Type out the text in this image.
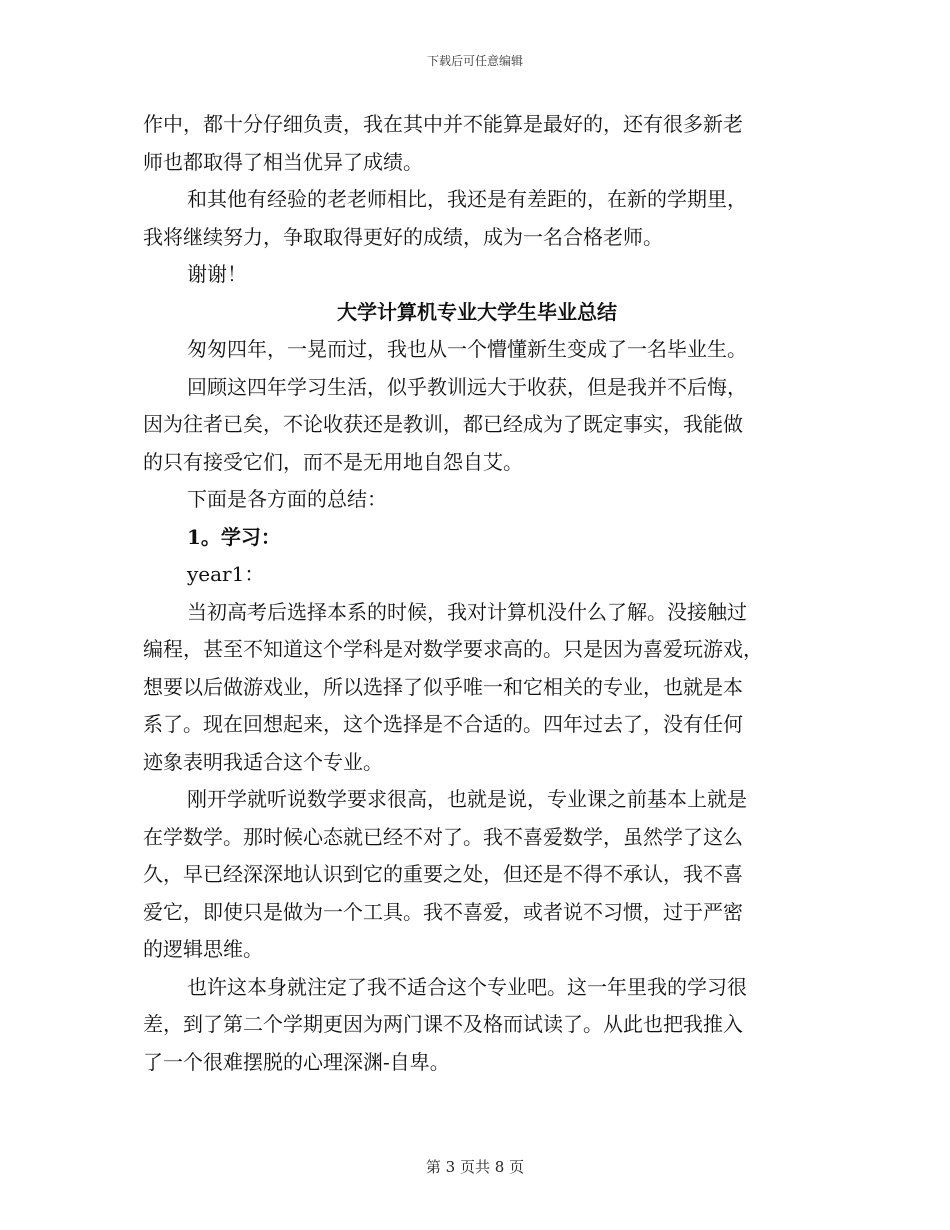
下载后可任意编辑

作中，都十分仔细负责，我在其中并不能算是最好的，还有很多新老

师也都取得了相当优异了成绩。

和其他有经验的老老师相比，我还是有差距的，在新的学期里，

我将继续努力，争取取得更好的成绩，成为一名合格老师。

谢谢！

大学计算机专业大学生毕业总结

匆匆四年，一晃而过，我也从一个懵懂新生变成了一名毕业生。

回顾这四年学习生活，似乎教训远大于收获，但是我并不后悔，

因为往者已矣，不论收获还是教训，都已经成为了既定事实，我能做

的只有接受它们，而不是无用地自怨自艾。

下面是各方面的总结：

1。学习：

year1：

当初高考后选择本系的时候，我对计算机没什么了解。没接触过

编程，甚至不知道这个学科是对数学要求高的。只是因为喜爱玩游戏，

想要以后做游戏业，所以选择了似乎唯一和它相关的专业，也就是本

系了。现在回想起来，这个选择是不合适的。四年过去了，没有任何

迹象表明我适合这个专业。

刚开学就听说数学要求很高，也就是说，专业课之前基本上就是

在学数学。那时候心态就已经不对了。我不喜爱数学，虽然学了这么

久，早已经深深地认识到它的重要之处，但还是不得不承认，我不喜

爱它，即使只是做为一个工具。我不喜爱，或者说不习惯，过于严密

的逻辑思维。

也许这本身就注定了我不适合这个专业吧。这一年里我的学习很

差，到了第二个学期更因为两门课不及格而试读了。从此也把我推入

了一个很难摆脱的心理深渊-自卑。

第 3 页共 8 页
